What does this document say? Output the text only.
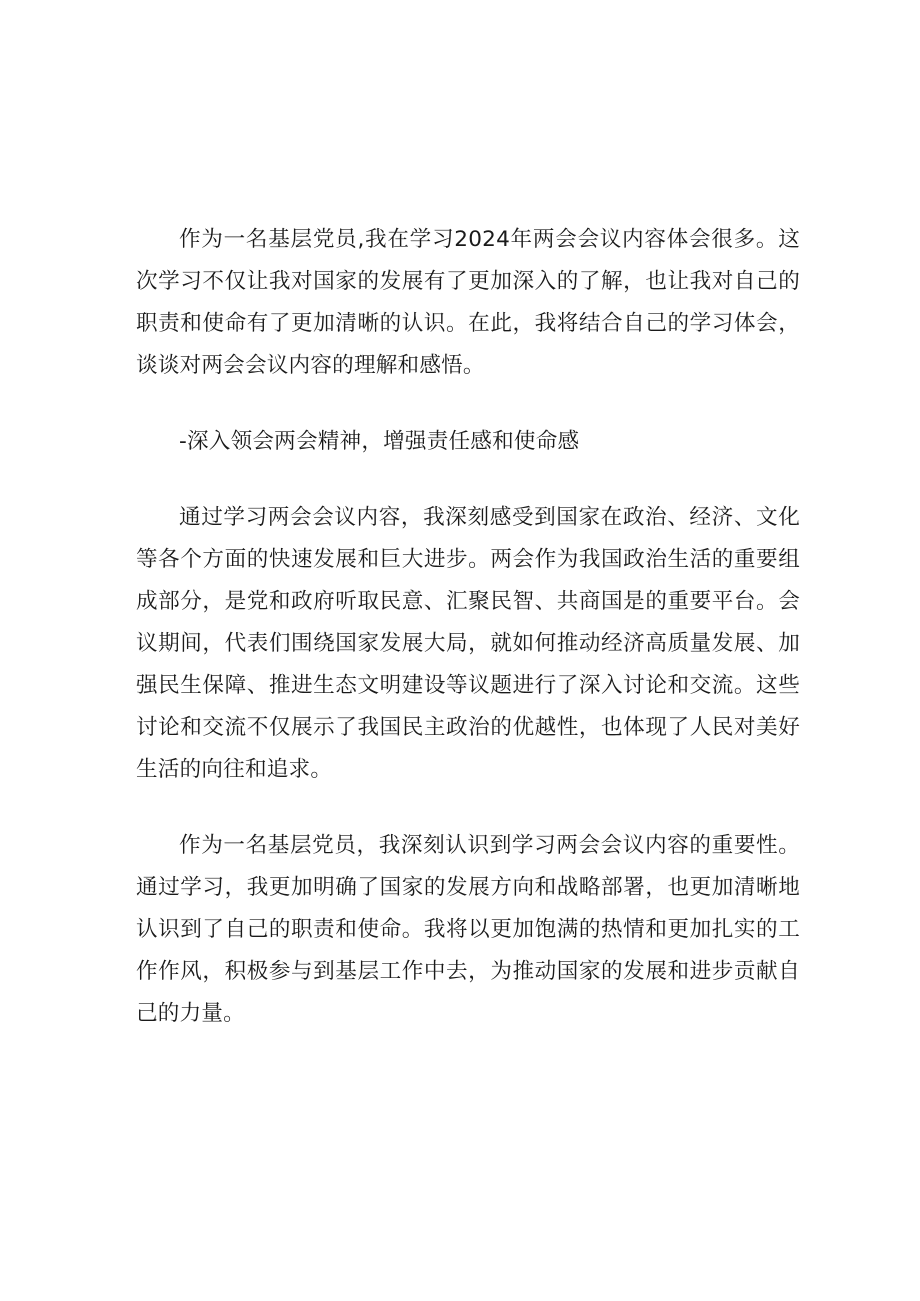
作为一名基层党员,我在学习2024年两会会议内容体会很多。这次学习不仅让我对国家的发展有了更加深入的了解，也让我对自己的职责和使命有了更加清晰的认识。在此，我将结合自己的学习体会，谈谈对两会会议内容的理解和感悟。

-深入领会两会精神，增强责任感和使命感

通过学习两会会议内容，我深刻感受到国家在政治、经济、文化等各个方面的快速发展和巨大进步。两会作为我国政治生活的重要组成部分，是党和政府听取民意、汇聚民智、共商国是的重要平台。会议期间，代表们围绕国家发展大局，就如何推动经济高质量发展、加强民生保障、推进生态文明建设等议题进行了深入讨论和交流。这些讨论和交流不仅展示了我国民主政治的优越性，也体现了人民对美好生活的向往和追求。

作为一名基层党员，我深刻认识到学习两会会议内容的重要性。通过学习，我更加明确了国家的发展方向和战略部署，也更加清晰地认识到了自己的职责和使命。我将以更加饱满的热情和更加扎实的工作作风，积极参与到基层工作中去，为推动国家的发展和进步贡献自己的力量。
